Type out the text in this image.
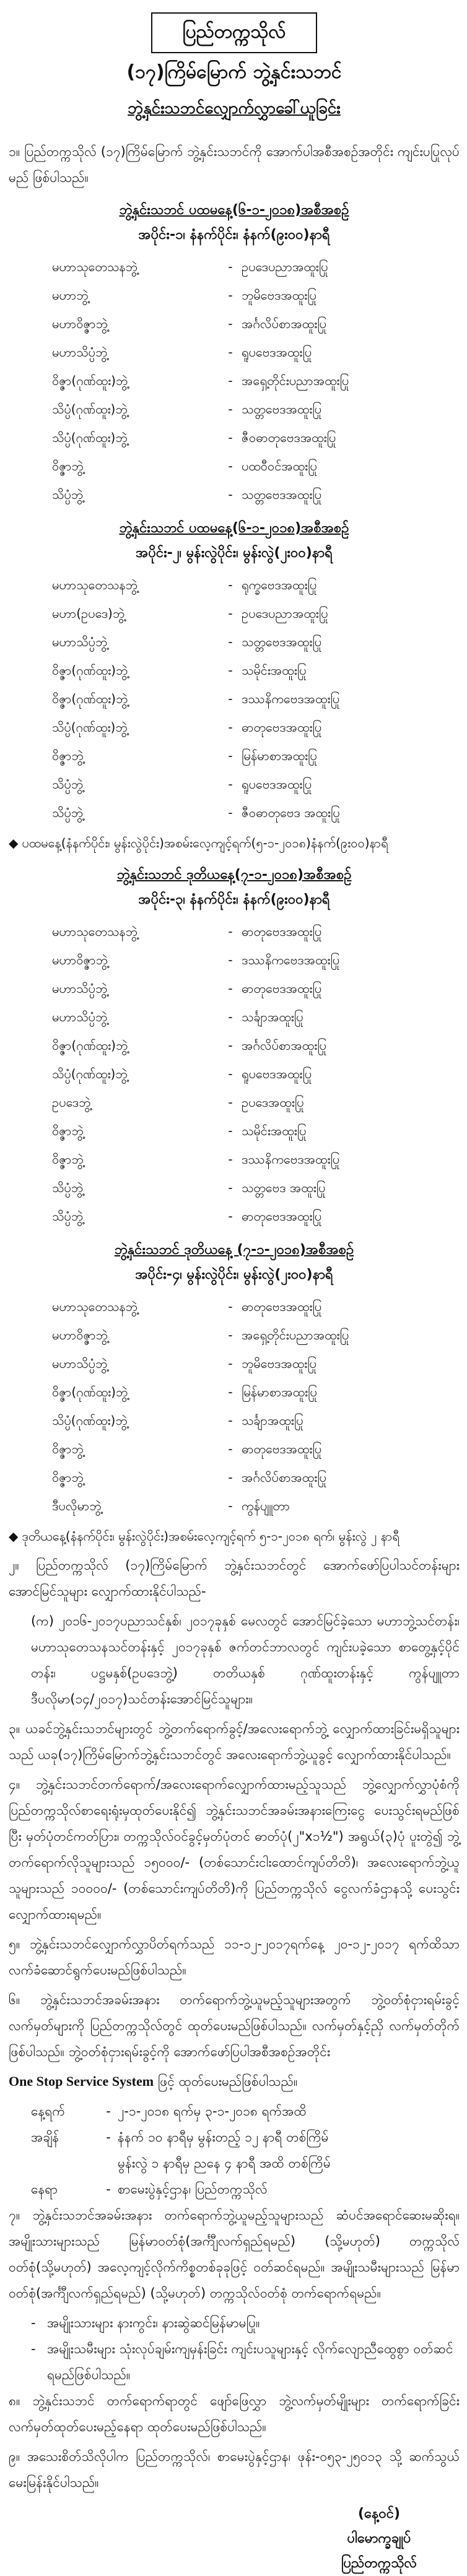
ပြည်တက္ကသိုလ်
(၁၇)ကြိမ်မြောက် ဘွဲ့နှင်းသဘင်
ဘွဲ့နှင်းသဘင်လျှောက်လွှာခေါ်ယူခြင်း
၁။ ပြည်တက္ကသိုလ် (၁၇)ကြိမ်မြောက် ဘွဲ့နှင်းသဘင်ကို အောက်ပါအစီအစဉ်အတိုင်း ကျင်းပပြုလုပ်မည် ဖြစ်ပါသည်။
ဘွဲ့နှင်းသဘင် ပထမနေ့(၆-၁-၂၀၁၈)အစီအစဉ်
အပိုင်း-၁၊ နံနက်ပိုင်း၊ နံနက်(၉း၀၀)နာရီ
မဟာသုတေသနဘွဲ့	- ဥပဒေပညာအထူးပြု
မဟာဘွဲ့	- ဘူမိဗေဒအထူးပြု
မဟာဝိဇ္ဇာဘွဲ့	- အင်္ဂလိပ်စာအထူးပြု
မဟာသိပ္ပံဘွဲ့	- ရူပဗေဒအထူးပြု
ဝိဇ္ဇာ(ဂုဏ်ထူး)ဘွဲ့	- အရှေ့တိုင်းပညာအထူးပြု
သိပ္ပံ(ဂုဏ်ထူး)ဘွဲ့	- သတ္တဗေဒအထူးပြု
သိပ္ပံ(ဂုဏ်ထူး)ဘွဲ့	- ဇီဝဓာတုဗေဒအထူးပြု
ဝိဇ္ဇာဘွဲ့	- ပထဝီဝင်အထူးပြု
သိပ္ပံဘွဲ့	- သတ္တဗေဒအထူးပြု
ဘွဲ့နှင်းသဘင် ပထမနေ့(၆-၁-၂၀၁၈)အစီအစဉ်
အပိုင်း-၂၊ မွန်းလွဲပိုင်း၊ မွန်းလွဲ(၂း၀၀)နာရီ
မဟာသုတေသနဘွဲ့	- ရုက္ခဗေဒအထူးပြု
မဟာ(ဥပဒေ)ဘွဲ့	- ဥပဒေပညာအထူးပြု
မဟာသိပ္ပံဘွဲ့	- သတ္တဗေဒအထူးပြု
ဝိဇ္ဇာ(ဂုဏ်ထူး)ဘွဲ့	- သမိုင်းအထူးပြု
ဝိဇ္ဇာ(ဂုဏ်ထူး)ဘွဲ့	- ဒဿနိကဗေဒအထူးပြု
သိပ္ပံ(ဂုဏ်ထူး)ဘွဲ့	- ဓာတုဗေဒအထူးပြု
ဝိဇ္ဇာဘွဲ့	- မြန်မာစာအထူးပြု
သိပ္ပံဘွဲ့	- ရူပဗေဒအထူးပြု
သိပ္ပံဘွဲ့	- ဇီဝဓာတုဗေဒ အထူးပြု
◆ ပထမနေ့(နံနက်ပိုင်း၊ မွန်းလွဲပိုင်း)အစမ်းလေ့ကျင့်ရက်(၅-၁-၂၀၁၈)နံနက်(၉း၀၀)နာရီ
ဘွဲ့နှင်းသဘင် ဒုတိယနေ့(၇-၁-၂၀၁၈)အစီအစဉ်
အပိုင်း-၃၊ နံနက်ပိုင်း၊ နံနက်(၉း၀၀)နာရီ
မဟာသုတေသနဘွဲ့	- ဓာတုဗေဒအထူးပြု
မဟာဝိဇ္ဇာဘွဲ့	- ဒဿနိကဗေဒအထူးပြု
မဟာသိပ္ပံဘွဲ့	- ဓာတုဗေဒအထူးပြု
မဟာသိပ္ပံဘွဲ့	- သင်္ချာအထူးပြု
ဝိဇ္ဇာ(ဂုဏ်ထူး)ဘွဲ့	- အင်္ဂလိပ်စာအထူးပြု
သိပ္ပံ(ဂုဏ်ထူး)ဘွဲ့	- ရူပဗေဒအထူးပြု
ဥပဒေဘွဲ့	- ဥပဒေအထူးပြု
ဝိဇ္ဇာဘွဲ့	- သမိုင်းအထူးပြု
ဝိဇ္ဇာဘွဲ့	- ဒဿနိကဗေဒအထူးပြု
သိပ္ပံဘွဲ့	- သတ္တဗေဒ အထူးပြု
သိပ္ပံဘွဲ့	- ဓာတုဗေဒအထူးပြု
ဘွဲ့နှင်းသဘင် ဒုတိယနေ့ (၇-၁-၂၀၁၈)အစီအစဉ်
အပိုင်း-၄၊ မွန်းလွဲပိုင်း၊ မွန်းလွဲ(၂း၀၀)နာရီ
မဟာသုတေသနဘွဲ့	- ဓာတုဗေဒအထူးပြု
မဟာဝိဇ္ဇာဘွဲ့	- အရှေ့တိုင်းပညာအထူးပြု
မဟာသိပ္ပံဘွဲ့	- ဘူမိဗေဒအထူးပြု
ဝိဇ္ဇာ(ဂုဏ်ထူး)ဘွဲ့	- မြန်မာစာအထူးပြု
သိပ္ပံ(ဂုဏ်ထူး)ဘွဲ့	- သင်္ချာအထူးပြု
ဝိဇ္ဇာဘွဲ့	- ဓာတုဗေဒအထူးပြု
ဝိဇ္ဇာဘွဲ့	- အင်္ဂလိပ်စာအထူးပြု
ဒီပလိုမာဘွဲ့	- ကွန်ပျူတာ
◆ ဒုတိယနေ့(နံနက်ပိုင်း၊ မွန်းလွဲပိုင်း)အစမ်းလေ့ကျင့်ရက် ၅-၁-၂၀၁၈ ရက်၊ မွန်းလွဲ ၂ နာရီ
၂။ ပြည်တက္ကသိုလ် (၁၇)ကြိမ်မြောက် ဘွဲ့နှင်းသဘင်တွင် အောက်ဖော်ပြပါသင်တန်းများ အောင်မြင်သူများ လျှောက်ထားနိုင်ပါသည်-
(က) ၂၀၁၆-၂၀၁၇ပညာသင်နှစ်၊ ၂၀၁၇ခုနှစ် မေလတွင် အောင်မြင်ခဲ့သော မဟာဘွဲ့သင်တန်း၊ မဟာသုတေသနသင်တန်းနှင့် ၂၀၁၇ခုနှစ် ဇက်တင်ဘာလတွင် ကျင်းပခဲ့သော စာတွေ့နှင့်ပိုင်တန်း၊ ပဋ္ဌမနှစ်(ဥပဒေဘွဲ့) တတိယနှစ် ဂုဏ်ထူးတန်းနှင့် ကွန်ပျူတာဒီပလိုမာ(၁၄/၂၀၁၇)သင်တန်းအောင်မြင်သူများ။
၃။ ယခင်ဘွဲ့နှင်းသဘင်များတွင် ဘွဲ့တက်ရောက်ခွင့်/အလေးရောက်ဘွဲ့ လျှောက်ထားခြင်းမရှိသူများသည် ယခု(၁၇)ကြိမ်မြောက်ဘွဲ့နှင်းသဘင်တွင် အလေးရောက်ဘွဲ့ယူခွင့် လျှောက်ထားနိုင်ပါသည်။
၄။ ဘွဲ့နှင်းသဘင်တက်ရောက်/အလေးရောက်လျှောက်ထားမည့်သူသည် ဘွဲ့လျှောက်လွှာပုံစံကို ပြည်တက္ကသိုလ်စာရေးရုံးမှထုတ်ပေးနိုင်၍ ဘွဲ့နှင်းသဘင်အခမ်းအနားကြေးငွေ ပေးသွင်းရမည်ဖြစ်ပြီး မှတ်ပုံတင်ကတ်ပြား၊ တက္ကသိုလ်ဝင်ခွင့်မှတ်ပုံတင် ဓာတ်ပုံ(၂"x၁½") အရွယ်(၃)ပုံ ပူးတွဲ၍ ဘွဲ့တက်ရောက်လိုသူများသည် ၁၅၀၀၀/- (တစ်သောင်းငါးထောင်ကျပ်တိတိ)၊ အလေးရောက်ဘွဲ့ယူသူများသည် ၁၀၀၀၀/- (တစ်သောင်းကျပ်တိတိ)ကို ပြည်တက္ကသိုလ် ငွေလက်ခံဌာနသို့ ပေးသွင်းလျှောက်ထားရမည်။
၅။ ဘွဲ့နှင်းသဘင်လျှောက်လွှာပိတ်ရက်သည် ၁၁-၁၂-၂၀၁၇ရက်နေ့ ၂၀-၁၂-၂၀၁၇ ရက်ထိသာ လက်ခံဆောင်ရွက်ပေးမည်ဖြစ်ပါသည်။
၆။ ဘွဲ့နှင်းသဘင်အခမ်းအနား တက်ရောက်ဘွဲ့ယူမည့်သူများအတွက် ဘွဲ့ဝတ်စုံငှားရမ်းခွင့် လက်မှတ်များကို ပြည်တက္ကသိုလ်တွင် ထုတ်ပေးမည်ဖြစ်ပါသည်။ လက်မှတ်နှင့်ညှိ လက်မှတ်တိုက် ဖြစ်ပါသည်။ ဘွဲ့ဝတ်စုံငှားရမ်းခွင့်ကို အောက်ဖော်ပြပါအစီအစဉ်အတိုင်း
One Stop Service System ဖြင့် ထုတ်ပေးမည်ဖြစ်ပါသည်။
နေ့ရက်	- ၂-၁-၂၀၁၈ ရက်မှ ၃-၁-၂၀၁၈ ရက်အထိ
အချိန်	- နံနက် ၁၀ နာရီမှ မွန်းတည့် ၁၂ နာရီ တစ်ကြိမ်
မွန်းလွဲ ၁ နာရီမှ ညနေ ၄ နာရီ အထိ တစ်ကြိမ်
နေရာ	- စာမေးပွဲနှင့်ဌာန၊ ပြည်တက္ကသိုလ်
၇။ ဘွဲ့နှင်းသဘင်အခမ်းအနား တက်ရောက်ဘွဲ့ယူမည့်သူများသည် ဆံပင်အရောင်ဆေးမဆိုးရ။ အမျိုးသားများသည် မြန်မာဝတ်စုံ(အင်္ကျီလက်ရှည်ရမည်) (သို့မဟုတ်) တက္ကသိုလ်ဝတ်စုံ(သို့မဟုတ်) အလေ့ကျင့်လိုက်ကိစ္စတစ်ခုခုဖြင့် ဝတ်ဆင်ရမည်။ အမျိုးသမီးများသည် မြန်မာဝတ်စုံ(အင်္ကျီလက်ရှည်ရမည်) (သို့မဟုတ်) တက္ကသိုလ်ဝတ်စုံ တက်ရောက်ရမည်။
- အမျိုးသားများ နားကွင်း၊ နားဆွဲဆင်မြန်မာမပြု။
- အမျိုးသမီးများ သုံးလုပ်ချမ်းကျမှန်းခြင်း ကျင်းပသူများနှင့် လိုက်လျောညီထွေစွာ ဝတ်ဆင်ရမည်ဖြစ်ပါသည်။
၈။ ဘွဲ့နှင်းသဘင် တက်ရောက်ရာတွင် ဖျော်ဖြေလွှာ ဘွဲ့လက်မှတ်မျိုးများ တက်ရောက်ခြင်း လက်မှတ်ထုတ်ပေးမည့်နေရာ ထုတ်ပေးမည်ဖြစ်ပါသည်။
၉။ အသေးစိတ်သိလိုပါက ပြည်တက္ကသိုလ်၊ စာမေးပွဲနှင့်ဌာန၊ ဖုန်း-၀၅၃-၂၅၀၁၃ သို့ ဆက်သွယ်မေးမြန်းနိုင်ပါသည်။
(နေ့ဝင်)
ပါမောက္ခချုပ်
ပြည်တက္ကသိုလ်
